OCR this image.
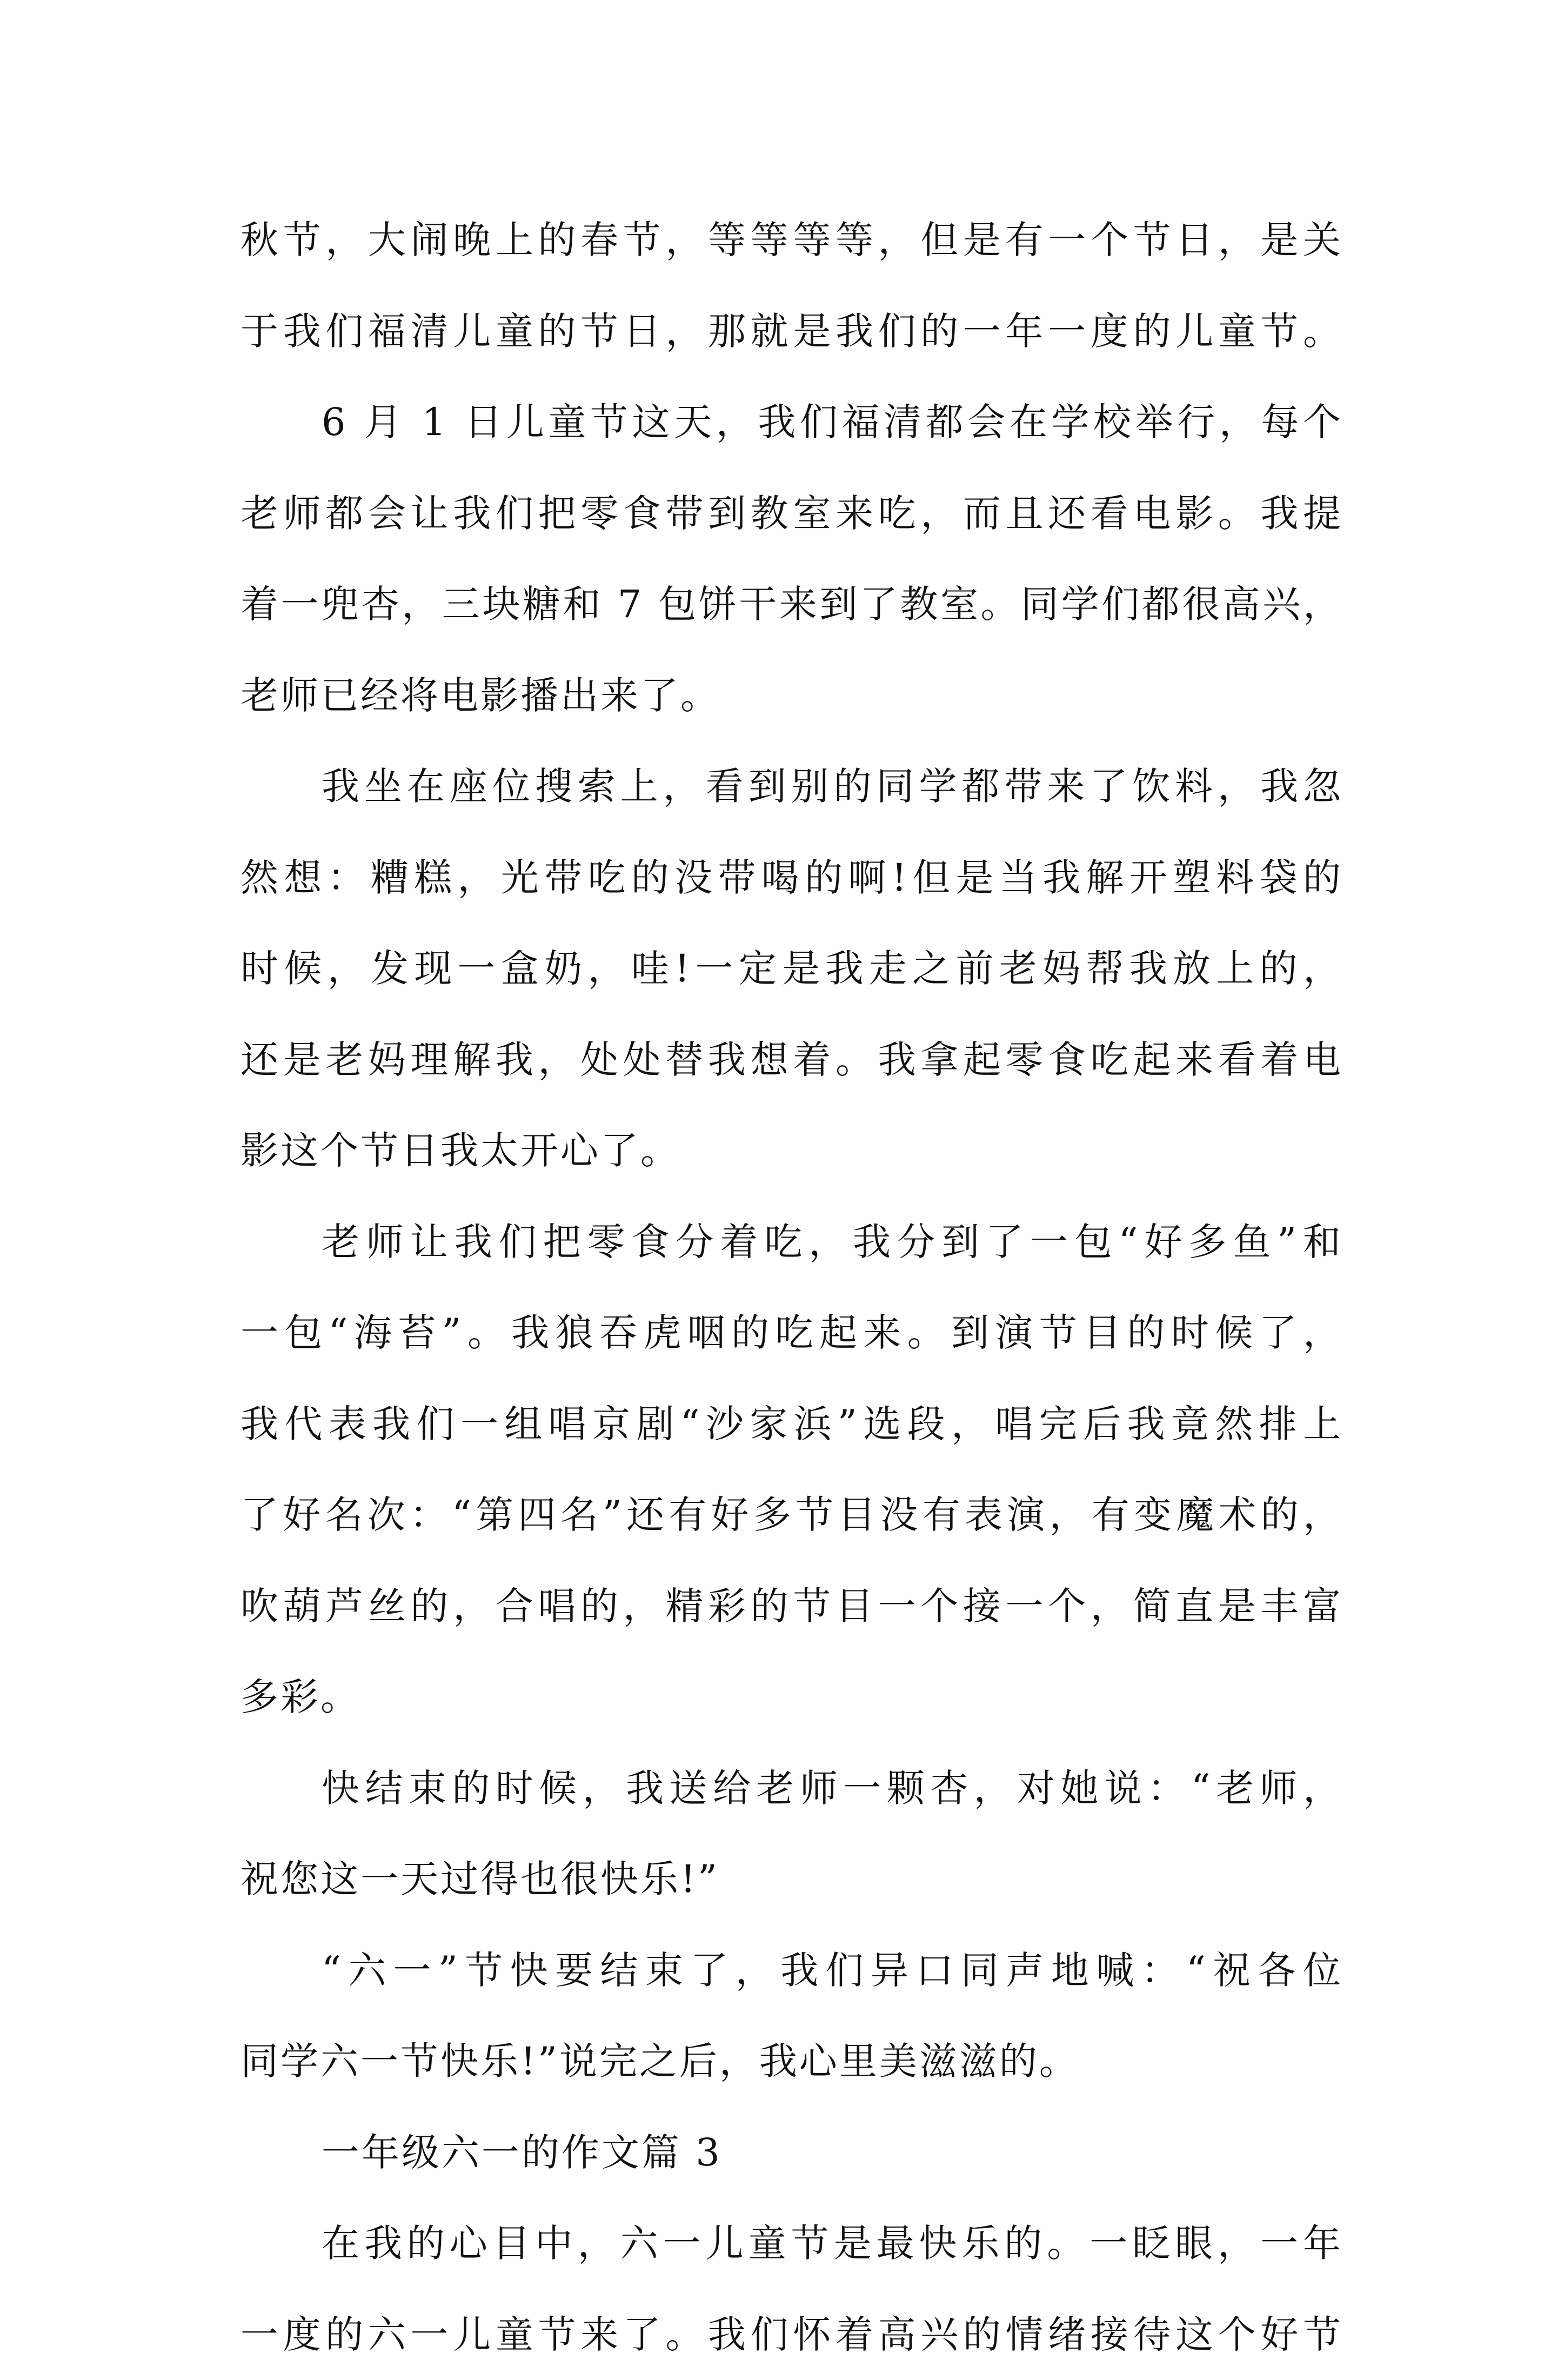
秋节，大闹晚上的春节，等等等等，但是有一个节日，是关
于我们福清儿童的节日，那就是我们的一年一度的儿童节。
6 月 1 日儿童节这天，我们福清都会在学校举行，每个
老师都会让我们把零食带到教室来吃，而且还看电影。我提
着一兜杏，三块糖和 7 包饼干来到了教室。同学们都很高兴，
老师已经将电影播出来了。
我坐在座位搜索上，看到别的同学都带来了饮料，我忽
然想：糟糕，光带吃的没带喝的啊!但是当我解开塑料袋的
时候，发现一盒奶，哇!一定是我走之前老妈帮我放上的，
还是老妈理解我，处处替我想着。我拿起零食吃起来看着电
影这个节日我太开心了。
老师让我们把零食分着吃，我分到了一包“好多鱼”和
一包“海苔”。我狼吞虎咽的吃起来。到演节目的时候了，
我代表我们一组唱京剧“沙家浜”选段，唱完后我竟然排上
了好名次：“第四名”还有好多节目没有表演，有变魔术的，
吹葫芦丝的，合唱的，精彩的节目一个接一个，简直是丰富
多彩。
快结束的时候，我送给老师一颗杏，对她说：“老师，
祝您这一天过得也很快乐!”
“六一”节快要结束了，我们异口同声地喊：“祝各位
同学六一节快乐!”说完之后，我心里美滋滋的。
一年级六一的作文篇 3
在我的心目中，六一儿童节是最快乐的。一眨眼，一年
一度的六一儿童节来了。我们怀着高兴的情绪接待这个好节
